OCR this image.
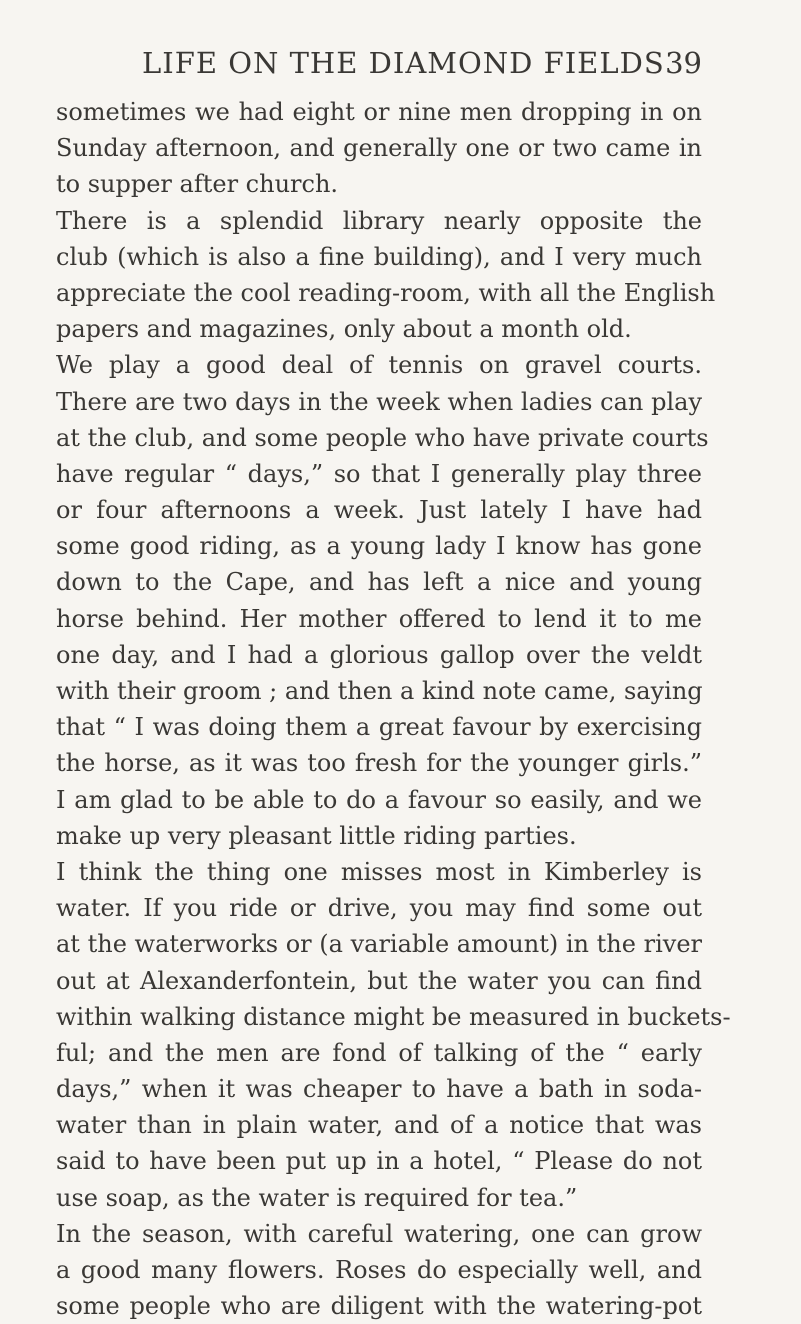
LIFE ON THE DIAMOND FIELDS 39
sometimes we had eight or nine men dropping in on
Sunday afternoon, and generally one or two came in
to supper after church.
There is a splendid library nearly opposite the
club (which is also a fine building), and I very much
appreciate the cool reading-room, with all the English
papers and magazines, only about a month old.
We play a good deal of tennis on gravel courts.
There are two days in the week when ladies can play
at the club, and some people who have private courts
have regular “ days,” so that I generally play three
or four afternoons a week. Just lately I have had
some good riding, as a young lady I know has gone
down to the Cape, and has left a nice and young
horse behind. Her mother offered to lend it to me
one day, and I had a glorious gallop over the veldt
with their groom ; and then a kind note came, saying
that “ I was doing them a great favour by exercising
the horse, as it was too fresh for the younger girls.”
I am glad to be able to do a favour so easily, and we
make up very pleasant little riding parties.
I think the thing one misses most in Kimberley is
water. If you ride or drive, you may find some out
at the waterworks or (a variable amount) in the river
out at Alexanderfontein, but the water you can find
within walking distance might be measured in buckets-
ful; and the men are fond of talking of the “ early
days,” when it was cheaper to have a bath in soda-
water than in plain water, and of a notice that was
said to have been put up in a hotel, “ Please do not
use soap, as the water is required for tea.”
In the season, with careful watering, one can grow
a good many flowers. Roses do especially well, and
some people who are diligent with the watering-pot
